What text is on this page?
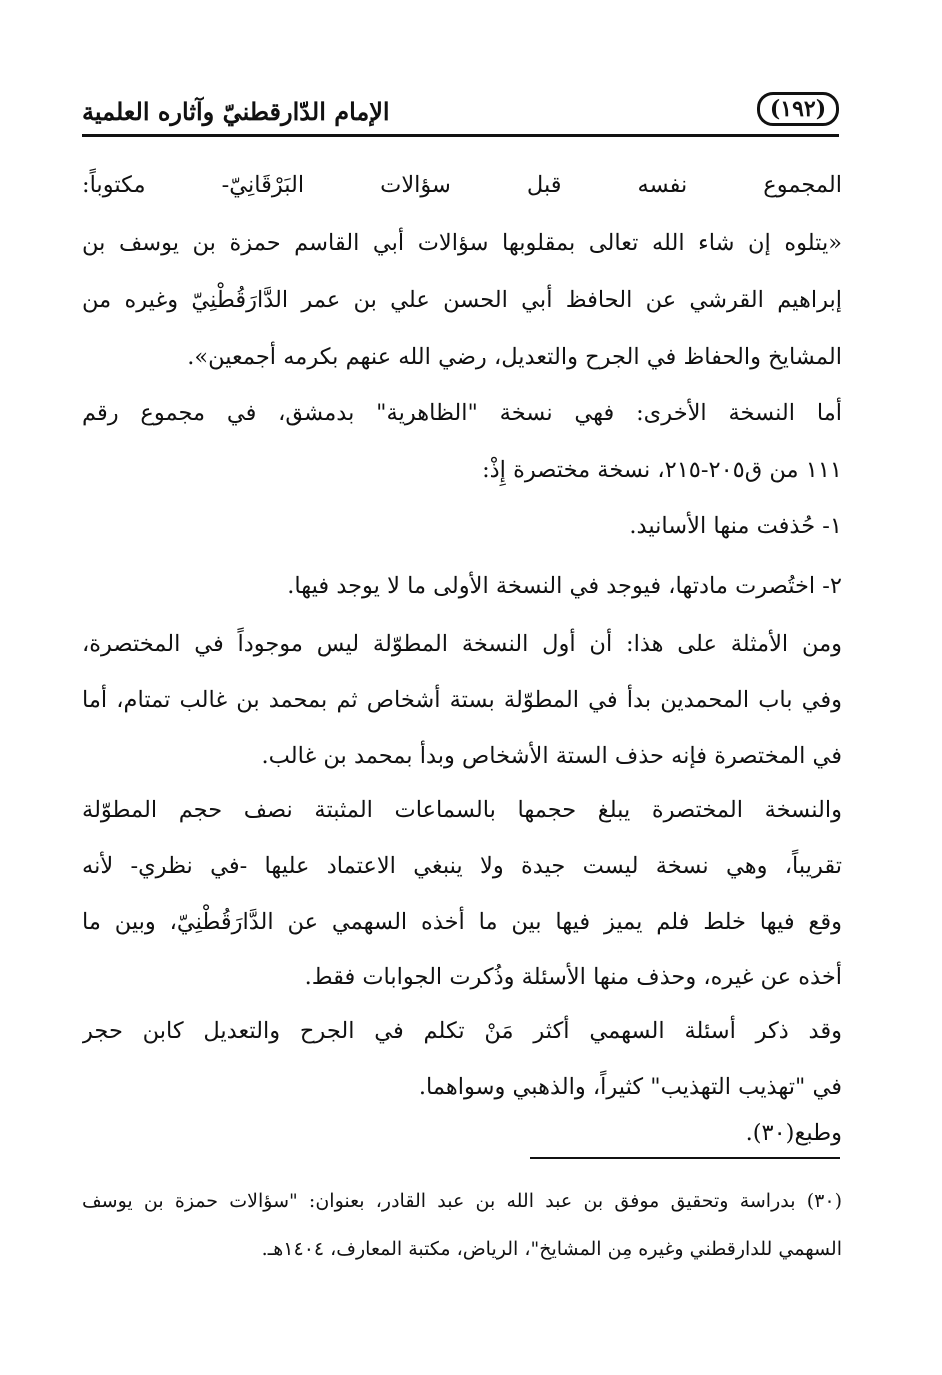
(١٩٢)
الإمام الدّارقطنيّ وآثاره العلمية
المجموع نفسه قبل سؤالات البَرْقَانِيّ- مكتوباً:
«يتلوه إن شاء الله تعالى بمقلوبها سؤالات أبي القاسم حمزة بن يوسف بن
إبراهيم القرشي عن الحافظ أبي الحسن علي بن عمر الدَّارَقُطْنِيّ وغيره من
المشايخ والحفاظ في الجرح والتعديل، رضي الله عنهم بكرمه أجمعين».
أما النسخة الأخرى: فهي نسخة "الظاهرية" بدمشق، في مجموع رقم
١١١ من ق٢٠٥-٢١٥، نسخة مختصرة إِذْ:
١- حُذفت منها الأسانيد.
٢- اختُصرت مادتها، فيوجد في النسخة الأولى ما لا يوجد فيها.
ومن الأمثلة على هذا: أن أول النسخة المطوّلة ليس موجوداً في المختصرة،
وفي باب المحمدين بدأ في المطوّلة بستة أشخاص ثم بمحمد بن غالب تمتام، أما
في المختصرة فإنه حذف الستة الأشخاص وبدأ بمحمد بن غالب.
والنسخة المختصرة يبلغ حجمها بالسماعات المثبتة نصف حجم المطوّلة
تقريباً، وهي نسخة ليست جيدة ولا ينبغي الاعتماد عليها -في نظري- لأنه
وقع فيها خلط فلم يميز فيها بين ما أخذه السهمي عن الدَّارَقُطْنِيّ، وبين ما
أخذه عن غيره، وحذف منها الأسئلة وذُكرت الجوابات فقط.
وقد ذكر أسئلة السهمي أكثر مَنْ تكلم في الجرح والتعديل كابن حجر
في "تهذيب التهذيب" كثيراً، والذهبي وسواهما.
وطبع(٣٠).
(٣٠) بدراسة وتحقيق موفق بن عبد الله بن عبد القادر، بعنوان: "سؤالات حمزة بن يوسف
السهمي للدارقطني وغيره مِن المشايخ"، الرياض، مكتبة المعارف، ١٤٠٤هـ.
